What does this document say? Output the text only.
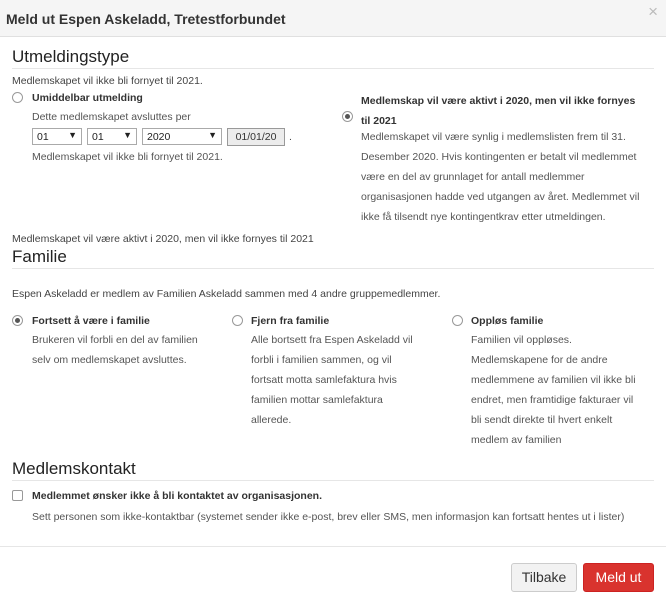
Meld ut Espen Askeladd, Tretestforbundet	×
Utmeldingstype
Medlemskapet vil ikke bli fornyet til 2021.
Umiddelbar utmelding
Dette medlemskapet avsluttes per
01 ▼ 01 ▼ 2020	▼	01/01/20	.
Medlemskapet vil ikke bli fornyet til 2021.
Medlemskap vil være aktivt i 2020, men vil ikke fornyes
til 2021
Medlemskapet vil være synlig i medlemslisten frem til 31.
Desember 2020. Hvis kontingenten er betalt vil medlemmet
være en del av grunnlaget for antall medlemmer
organisasjonen hadde ved utgangen av året. Medlemmet vil
ikke få tilsendt nye kontingentkrav etter utmeldingen.
Medlemskapet vil være aktivt i 2020, men vil ikke fornyes til 2021
Familie
Espen Askeladd er medlem av Familien Askeladd sammen med 4 andre gruppemedlemmer.
Fortsett å være i familie
Brukeren vil forbli en del av familien
selv om medlemskapet avsluttes.
Fjern fra familie
Alle bortsett fra Espen Askeladd vil
forbli i familien sammen, og vil
fortsatt motta samlefaktura hvis
familien mottar samlefaktura
allerede.
Oppløs familie
Familien vil oppløses.
Medlemskapene for de andre
medlemmene av familien vil ikke bli
endret, men framtidige fakturaer vil
bli sendt direkte til hvert enkelt
medlem av familien
Medlemskontakt
Medlemmet ønsker ikke å bli kontaktet av organisasjonen.
Sett personen som ikke-kontaktbar (systemet sender ikke e-post, brev eller SMS, men informasjon kan fortsatt hentes ut i lister)
Tilbake	Meld ut
